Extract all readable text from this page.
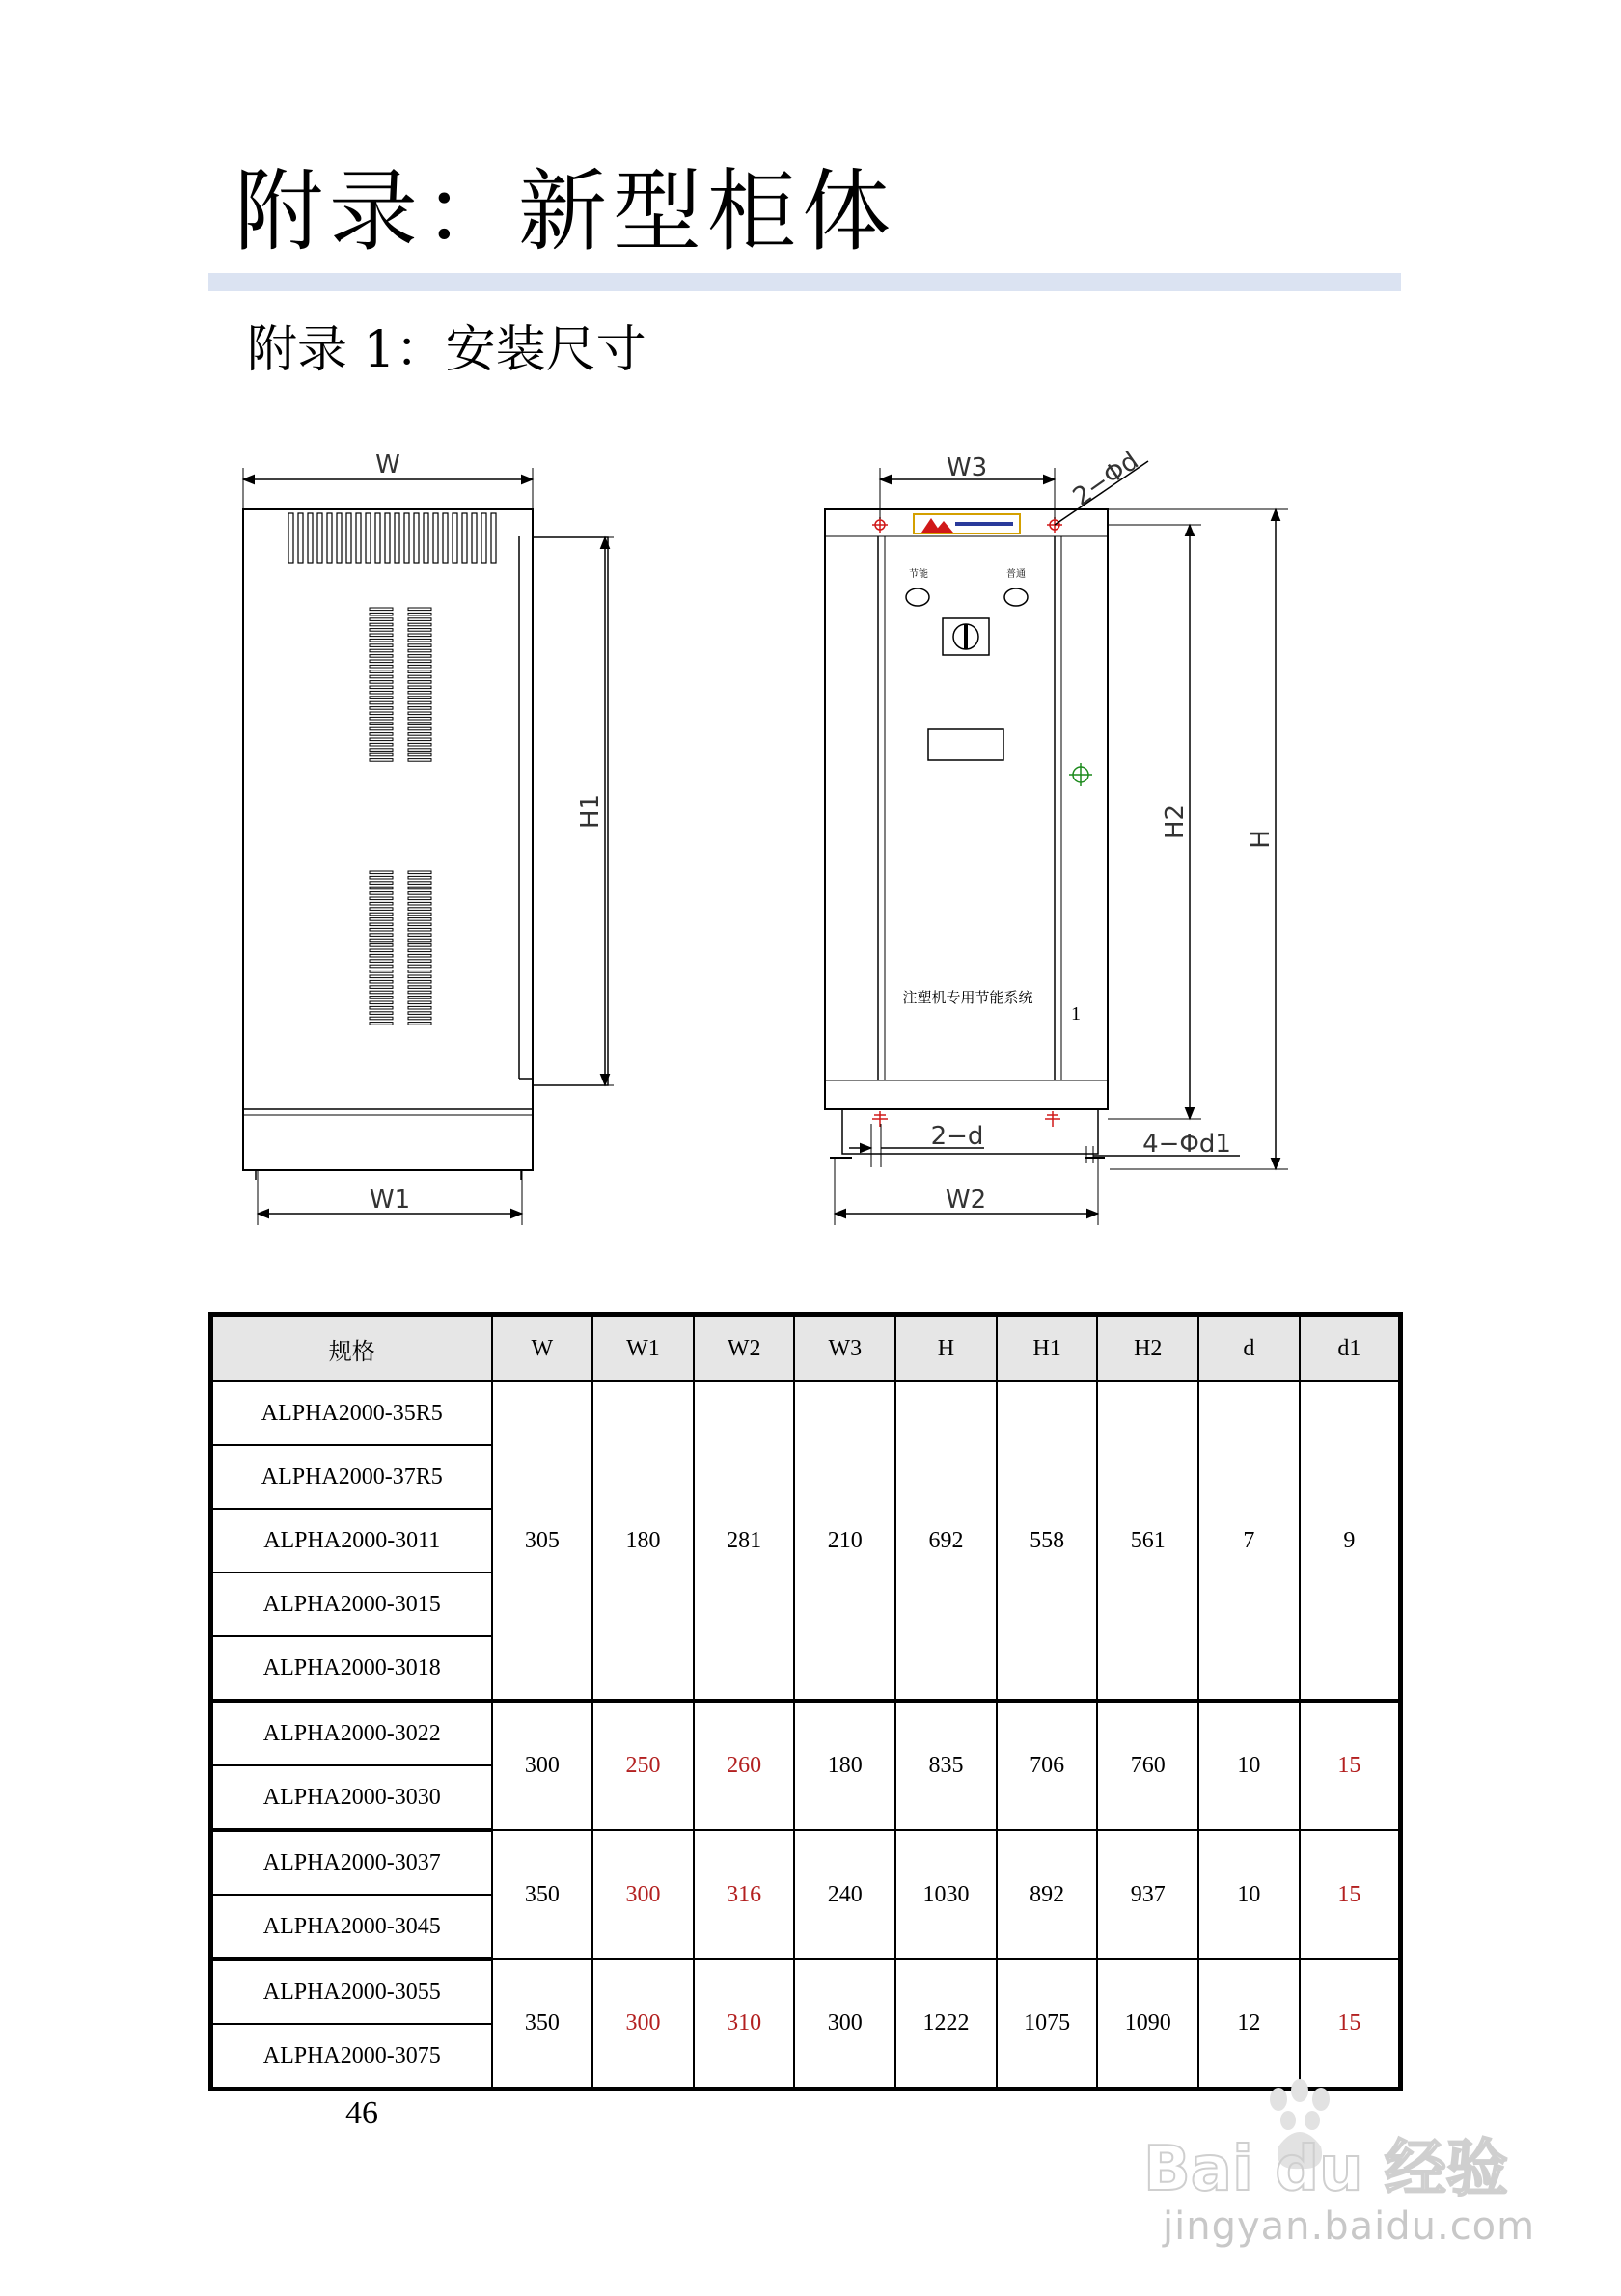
附录：新型柜体
附录 1：安装尺寸
W
W1
H1
节能	普通
注塑机专用节能系统
1
W3	2−Φd
H2 H
2−d	4−Φd1
W2
规格	W	W1	W2	W3	H	H1	H2	d	d1
ALPHA2000-35R5	305	180	281	210	692	558	561	7	9
ALPHA2000-37R5									
ALPHA2000-3011									
ALPHA2000-3015									
ALPHA2000-3018									
ALPHA2000-3022	300	250	260	180	835	706	760	10	15
ALPHA2000-3030									
ALPHA2000-3037	350	300	316	240	1030	892	937	10	15
ALPHA2000-3045									
ALPHA2000-3055	350	300	310	300	1222	1075	1090	12	15
ALPHA2000-3075									
46
Bai du 经验
jingyan.baidu.com
